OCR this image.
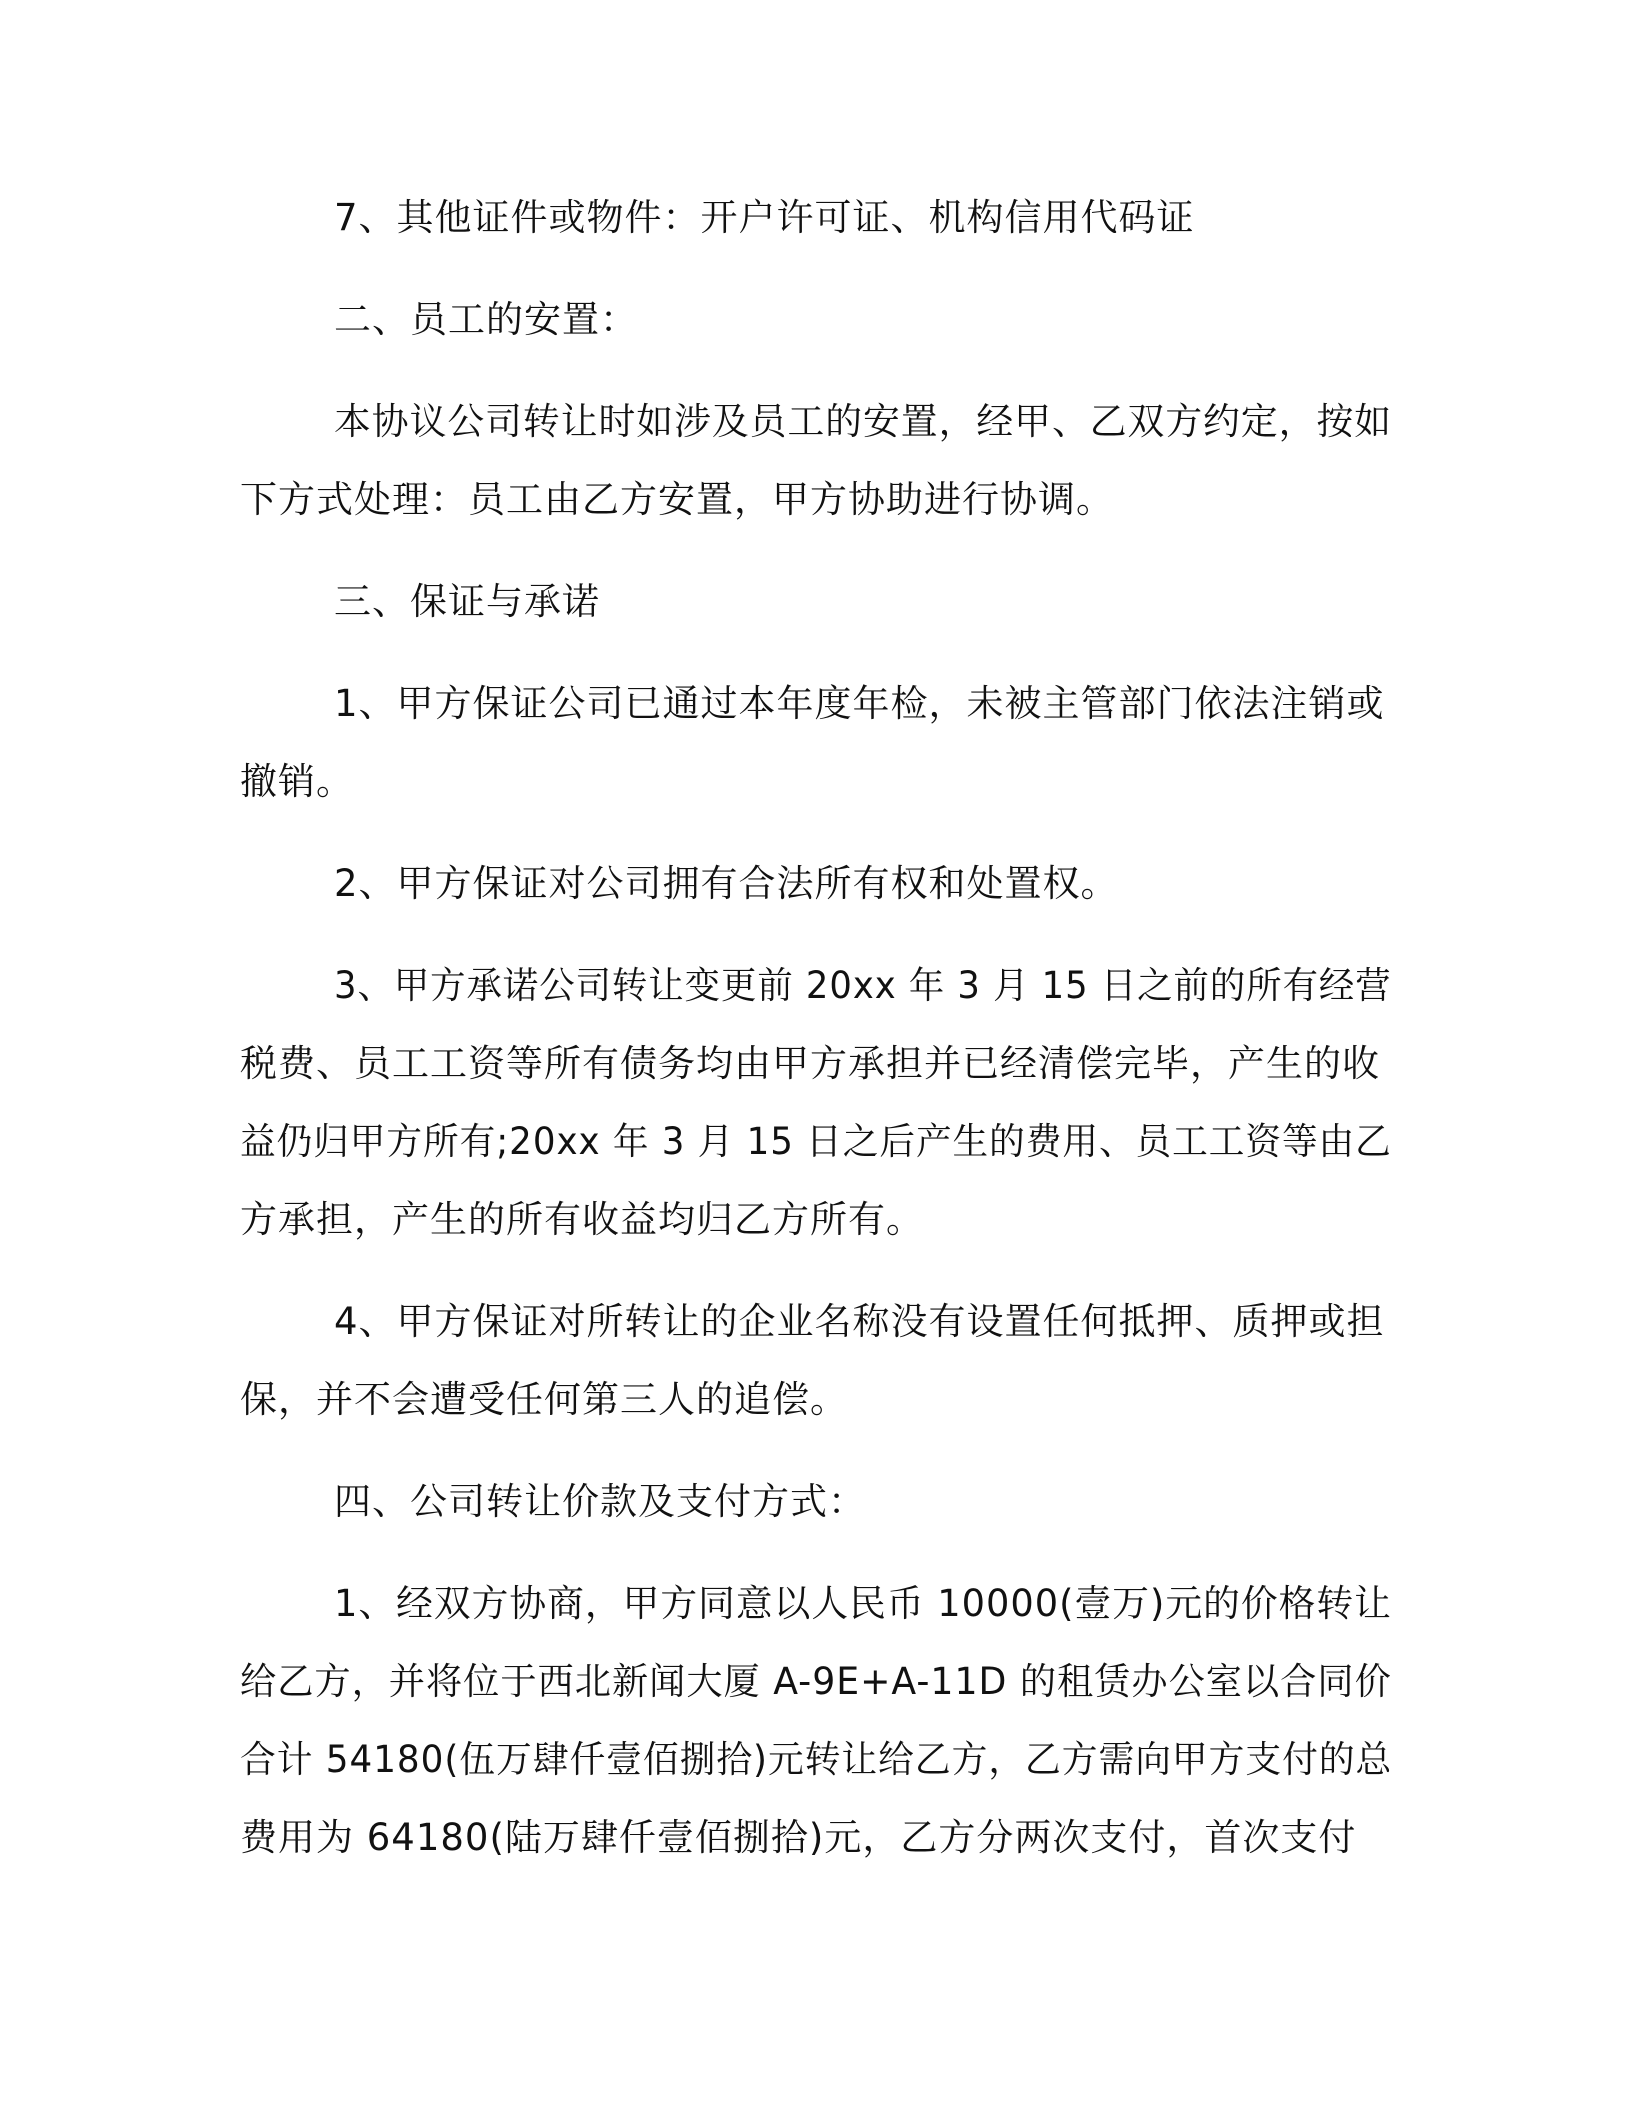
7、其他证件或物件：开户许可证、机构信用代码证
二、员工的安置：
本协议公司转让时如涉及员工的安置，经甲、乙双方约定，按如
下方式处理：员工由乙方安置，甲方协助进行协调。
三、保证与承诺
1、甲方保证公司已通过本年度年检，未被主管部门依法注销或
撤销。
2、甲方保证对公司拥有合法所有权和处置权。
3、甲方承诺公司转让变更前 20xx 年 3 月 15 日之前的所有经营
税费、员工工资等所有债务均由甲方承担并已经清偿完毕，产生的收
益仍归甲方所有;20xx 年 3 月 15 日之后产生的费用、员工工资等由乙
方承担，产生的所有收益均归乙方所有。
4、甲方保证对所转让的企业名称没有设置任何抵押、质押或担
保，并不会遭受任何第三人的追偿。
四、公司转让价款及支付方式：
1、经双方协商，甲方同意以人民币 10000(壹万)元的价格转让
给乙方，并将位于西北新闻大厦 A-9E+A-11D 的租赁办公室以合同价
合计 54180(伍万肆仟壹佰捌拾)元转让给乙方，乙方需向甲方支付的总
费用为 64180(陆万肆仟壹佰捌拾)元，乙方分两次支付，首次支付
